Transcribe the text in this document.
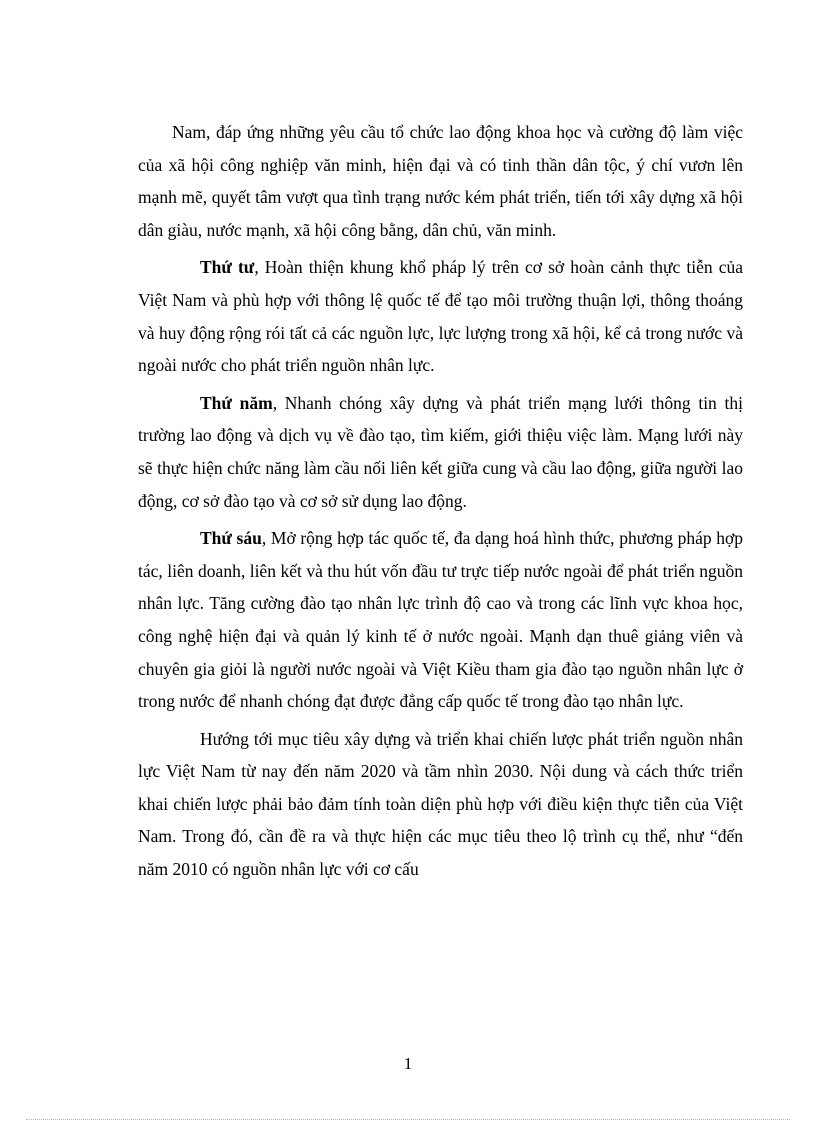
Nam, đáp ứng những yêu cầu tổ chức lao động khoa học và cường độ làm việc của xã hội công nghiệp văn minh, hiện đại và có tinh thần dân tộc, ý chí vươn lên mạnh mẽ, quyết tâm vượt qua tình trạng nước kém phát triển, tiến tới xây dựng xã hội dân giàu, nước mạnh, xã hội công bằng, dân chủ, văn minh.

Thứ tư, Hoàn thiện khung khổ pháp lý trên cơ sở hoàn cảnh thực tiễn của Việt Nam và phù hợp với thông lệ quốc tế để tạo môi trường thuận lợi, thông thoáng và huy động rộng rói tất cả các nguồn lực, lực lượng trong xã hội, kể cả trong nước và ngoài nước cho phát triển nguồn nhân lực.

Thứ năm, Nhanh chóng xây dựng và phát triển mạng lưới thông tin thị trường lao động và dịch vụ về đào tạo, tìm kiếm, giới thiệu việc làm. Mạng lưới này sẽ thực hiện chức năng làm cầu nối liên kết giữa cung và cầu lao động, giữa người lao động, cơ sở đào tạo và cơ sở sử dụng lao động.

Thứ sáu, Mở rộng hợp tác quốc tế, đa dạng hoá hình thức, phương pháp hợp tác, liên doanh, liên kết và thu hút vốn đầu tư trực tiếp nước ngoài để phát triển nguồn nhân lực. Tăng cường đào tạo nhân lực trình độ cao và trong các lĩnh vực khoa học, công nghệ hiện đại và quản lý kinh tế ở nước ngoài. Mạnh dạn thuê giảng viên và chuyên gia giỏi là người nước ngoài và Việt Kiều tham gia đào tạo nguồn nhân lực ở trong nước để nhanh chóng đạt được đẳng cấp quốc tế trong đào tạo nhân lực.

Hướng tới mục tiêu xây dựng và triển khai chiến lược phát triển nguồn nhân lực Việt Nam từ nay đến năm 2020 và tầm nhìn 2030. Nội dung và cách thức triển khai chiến lược phải bảo đảm tính toàn diện phù hợp với điều kiện thực tiễn của Việt Nam. Trong đó, cần đề ra và thực hiện các mục tiêu theo lộ trình cụ thể, như “đến năm 2010 có nguồn nhân lực với cơ cấu

1
